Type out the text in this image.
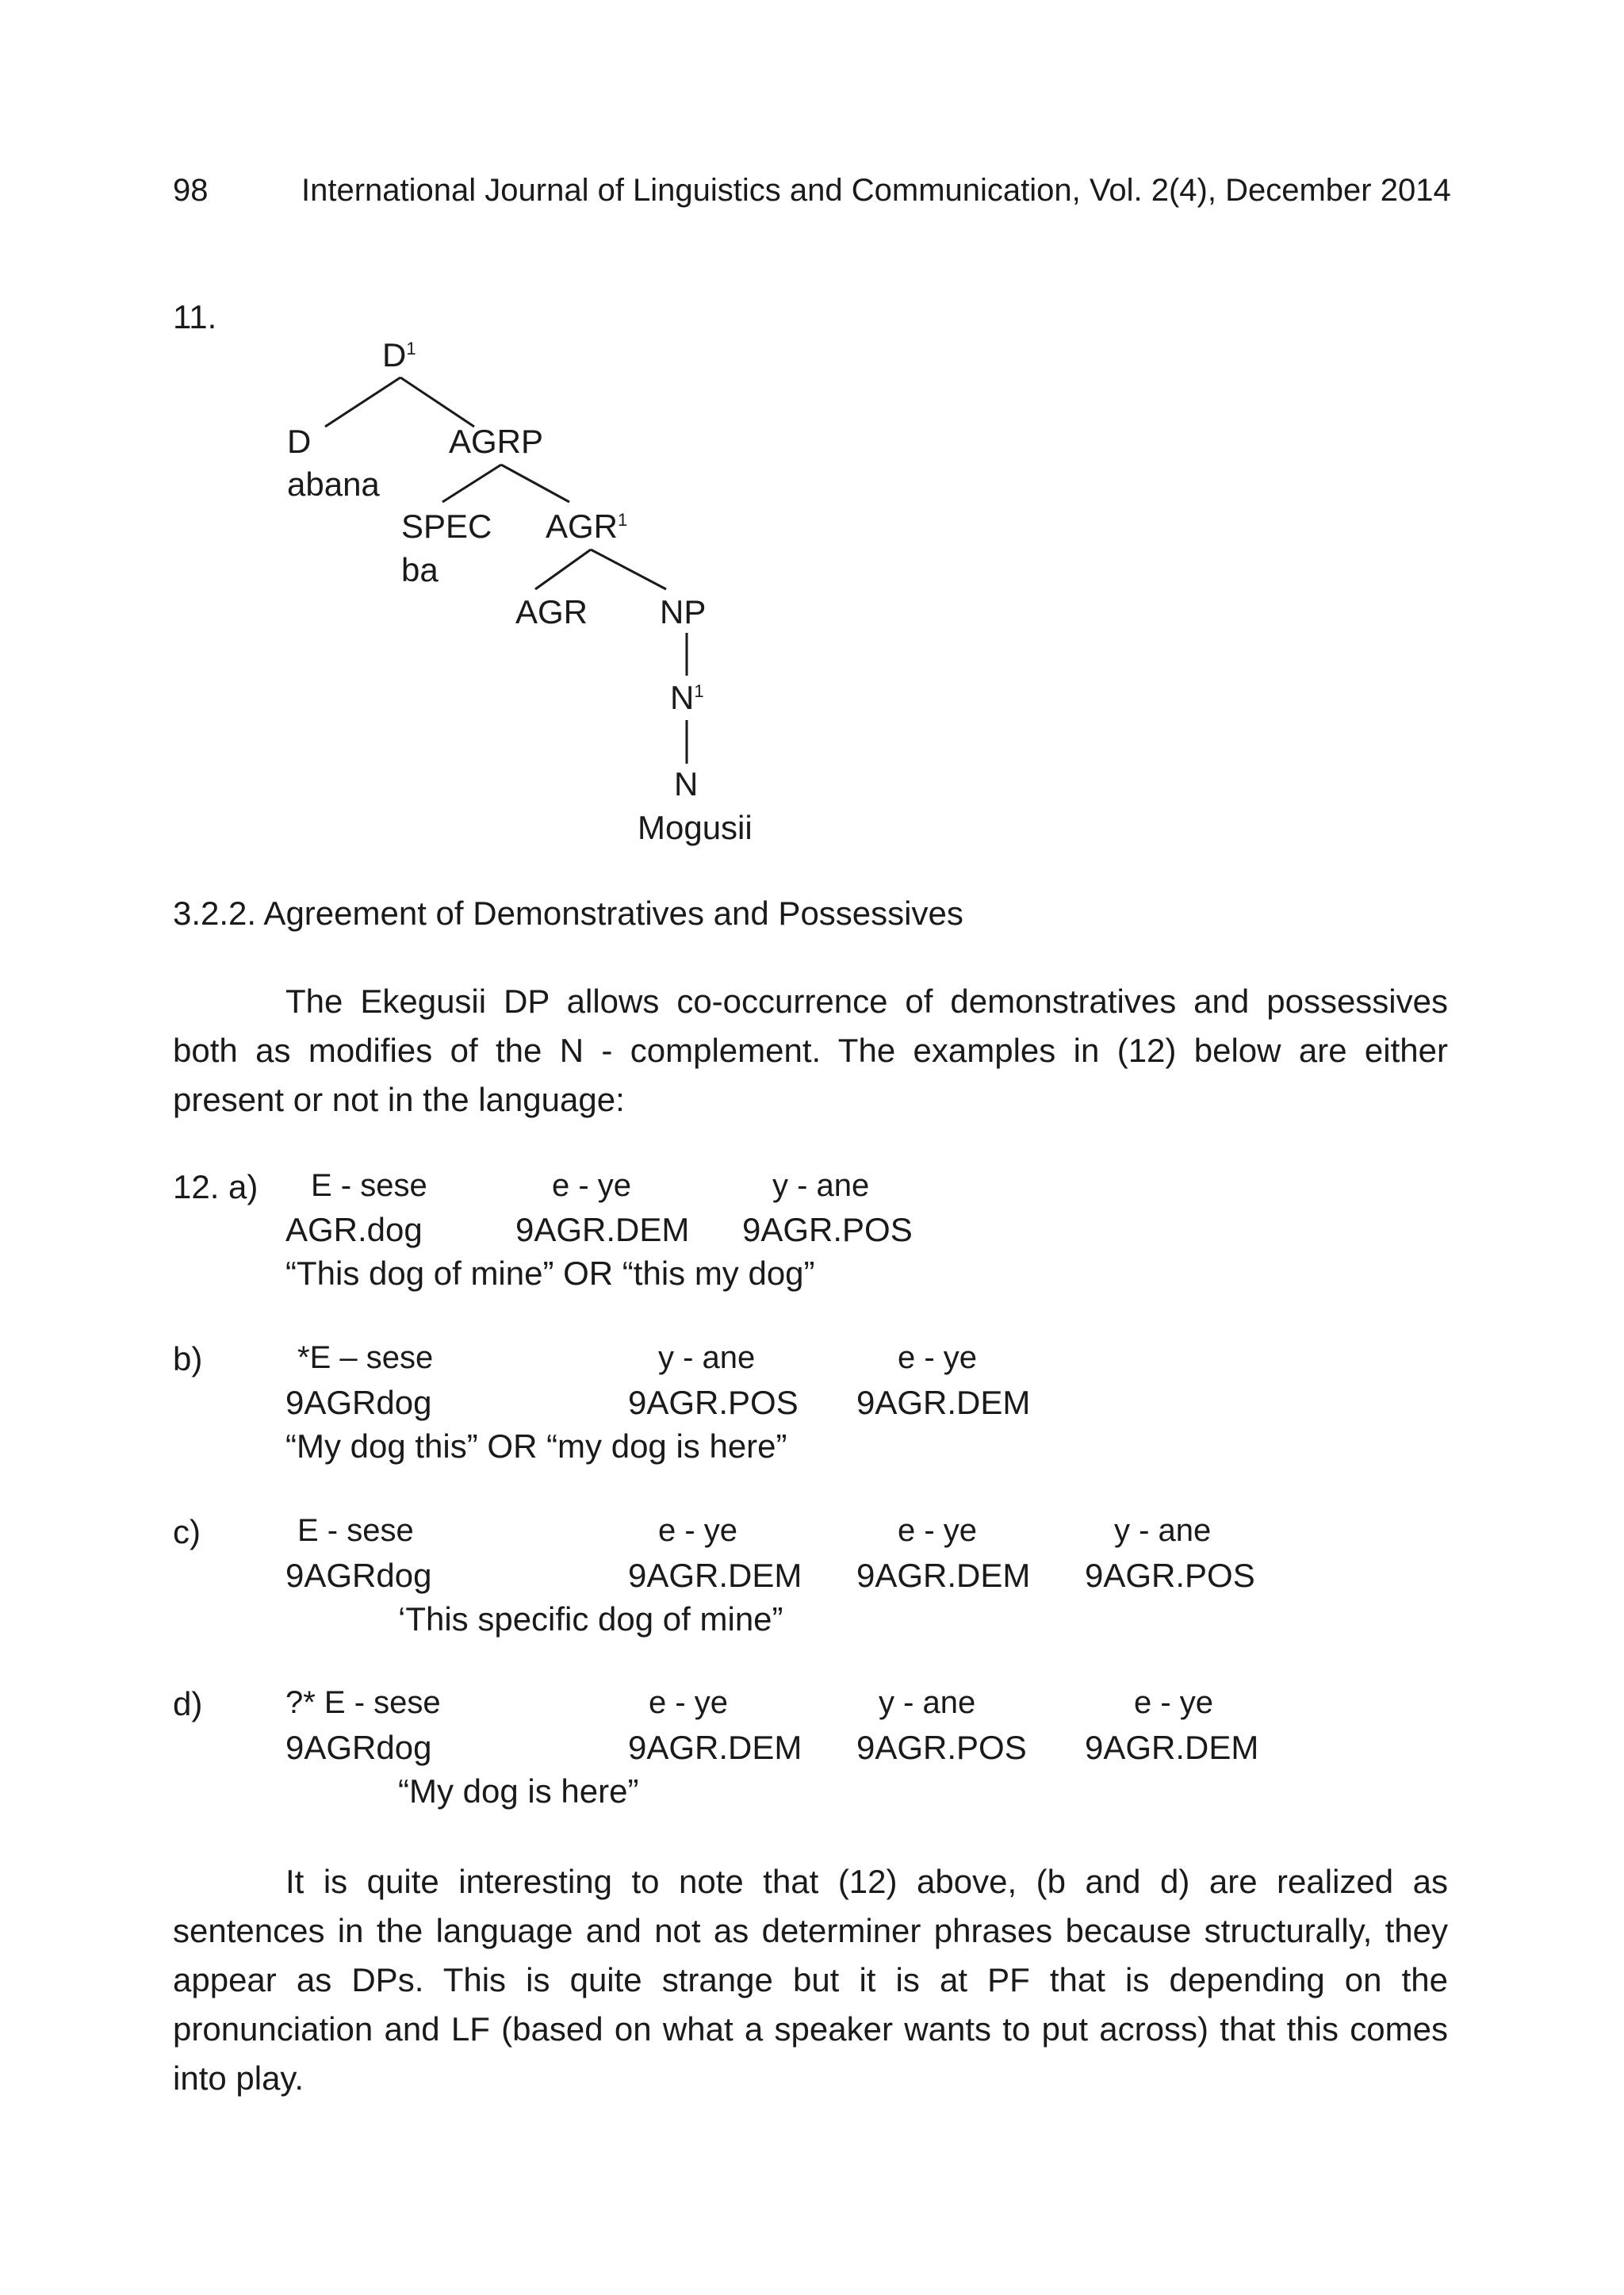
98	International Journal of Linguistics and Communication, Vol. 2(4), December 2014
11.
$D^1$
D
abana
AGRP
SPEC
ba
AGR$^1$
AGR NP
$N^1$
N
Mogusii
3.2.2. Agreement of Demonstratives and Possessives
The Ekegusii DP allows co-occurrence of demonstratives and possessives both as modifies of the N - complement. The examples in (12) below are either present or not in the language:
12. a) E - sese	e - ye	y - ane
AGR.dog	9AGR.DEM 9AGR.POS
“This dog of mine” OR “this my dog”
b)	*E – sese	y - ane	e - ye
9AGRdog	9AGR.POS 9AGR.DEM
“My dog this” OR “my dog is here”
c)	E - sese	e - ye	e - ye	y - ane
9AGRdog	9AGR.DEM 9AGR.DEM 9AGR.POS
‘This specific dog of mine”
d)	?* E - sese	e - ye	y - ane	e - ye
9AGRdog	9AGR.DEM 9AGR.POS 9AGR.DEM
“My dog is here”
It is quite interesting to note that (12) above, (b and d) are realized as sentences in the language and not as determiner phrases because structurally, they appear as DPs. This is quite strange but it is at PF that is depending on the pronunciation and LF (based on what a speaker wants to put across) that this comes into play.
